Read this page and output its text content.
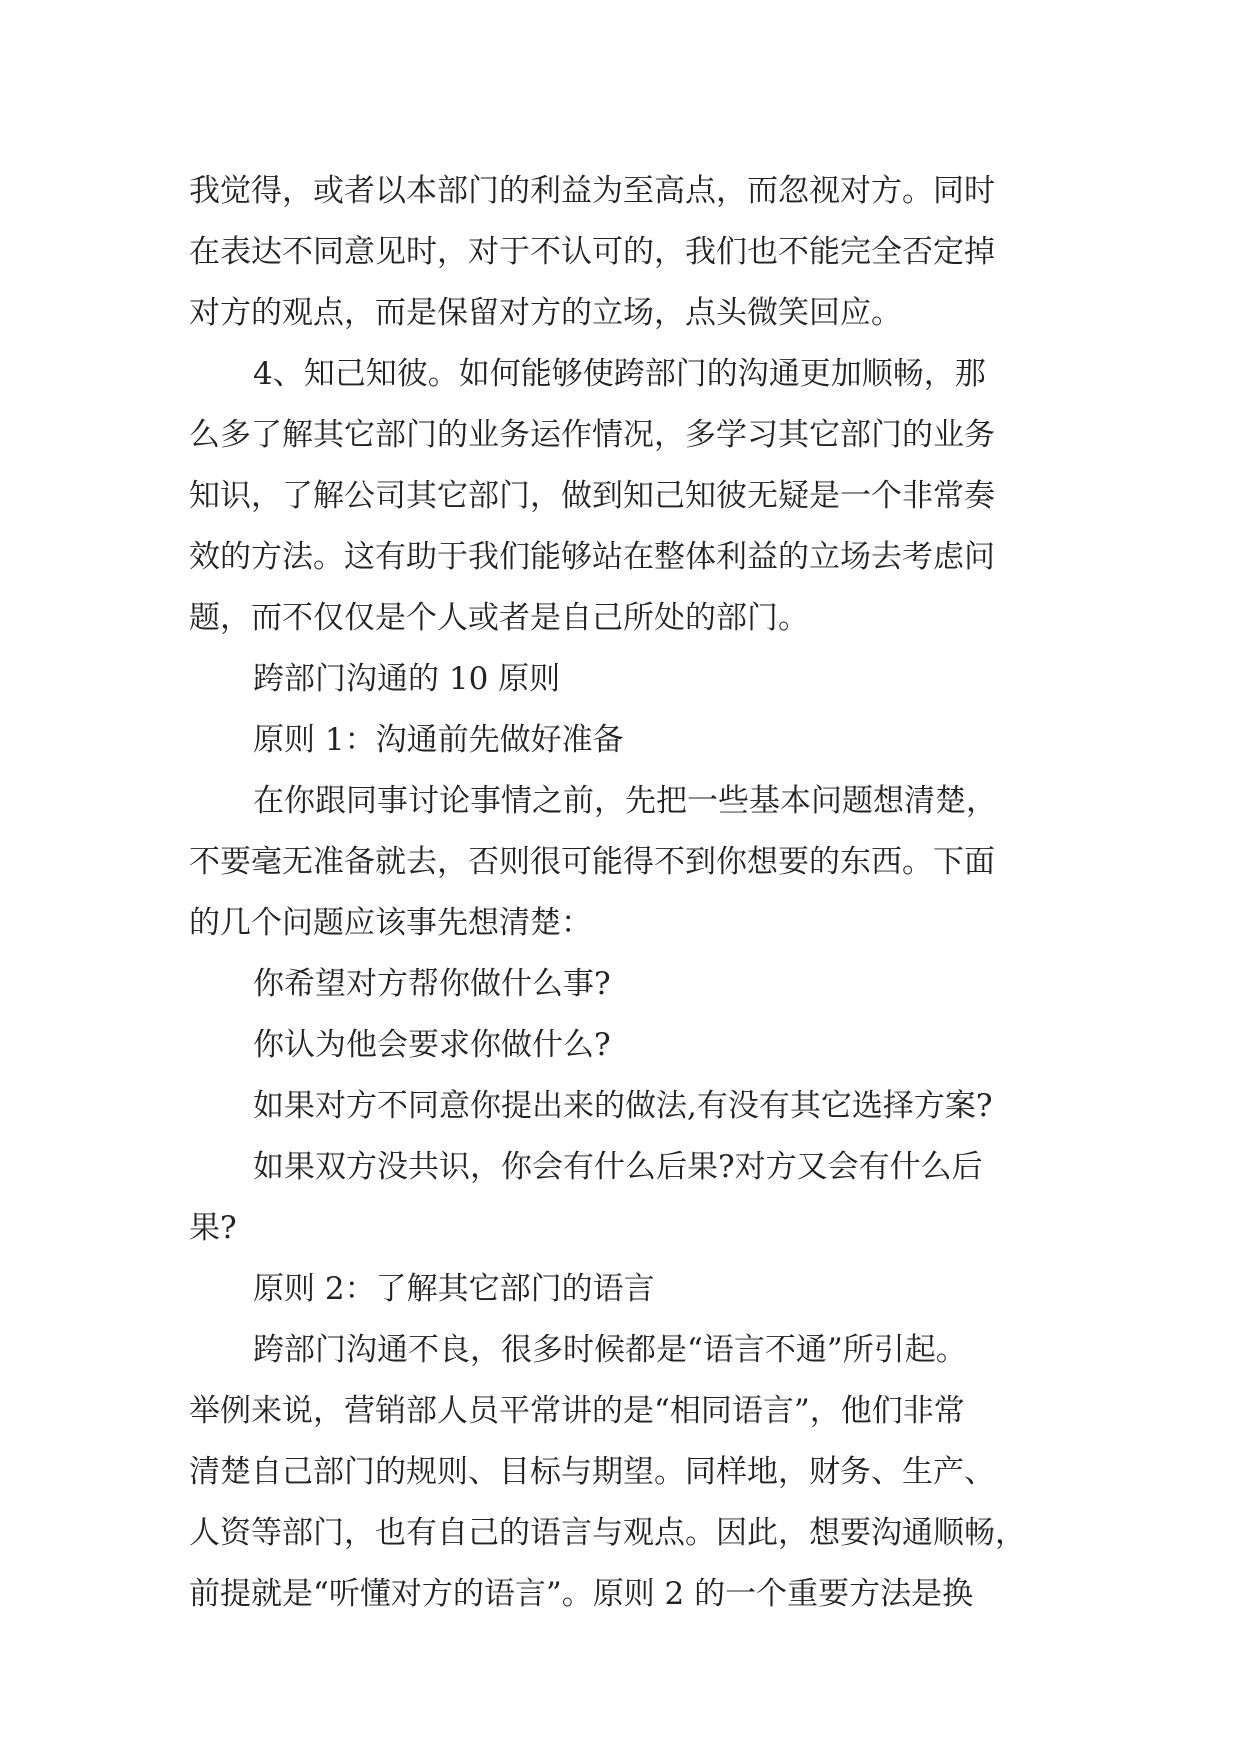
我觉得，或者以本部门的利益为至高点，而忽视对方。同时

在表达不同意见时，对于不认可的，我们也不能完全否定掉

对方的观点，而是保留对方的立场，点头微笑回应。

4、知己知彼。如何能够使跨部门的沟通更加顺畅，那

么多了解其它部门的业务运作情况，多学习其它部门的业务

知识，了解公司其它部门，做到知己知彼无疑是一个非常奏

效的方法。这有助于我们能够站在整体利益的立场去考虑问

题，而不仅仅是个人或者是自己所处的部门。

跨部门沟通的 10 原则

原则 1：沟通前先做好准备

在你跟同事讨论事情之前，先把一些基本问题想清楚，

不要毫无准备就去，否则很可能得不到你想要的东西。下面

的几个问题应该事先想清楚：

你希望对方帮你做什么事?

你认为他会要求你做什么?

如果对方不同意你提出来的做法,有没有其它选择方案?

如果双方没共识，你会有什么后果?对方又会有什么后

果?

原则 2：了解其它部门的语言

跨部门沟通不良，很多时候都是“语言不通”所引起。

举例来说，营销部人员平常讲的是“相同语言”，他们非常

清楚自己部门的规则、目标与期望。同样地，财务、生产、

人资等部门，也有自己的语言与观点。因此，想要沟通顺畅，

前提就是“听懂对方的语言”。原则 2 的一个重要方法是换
